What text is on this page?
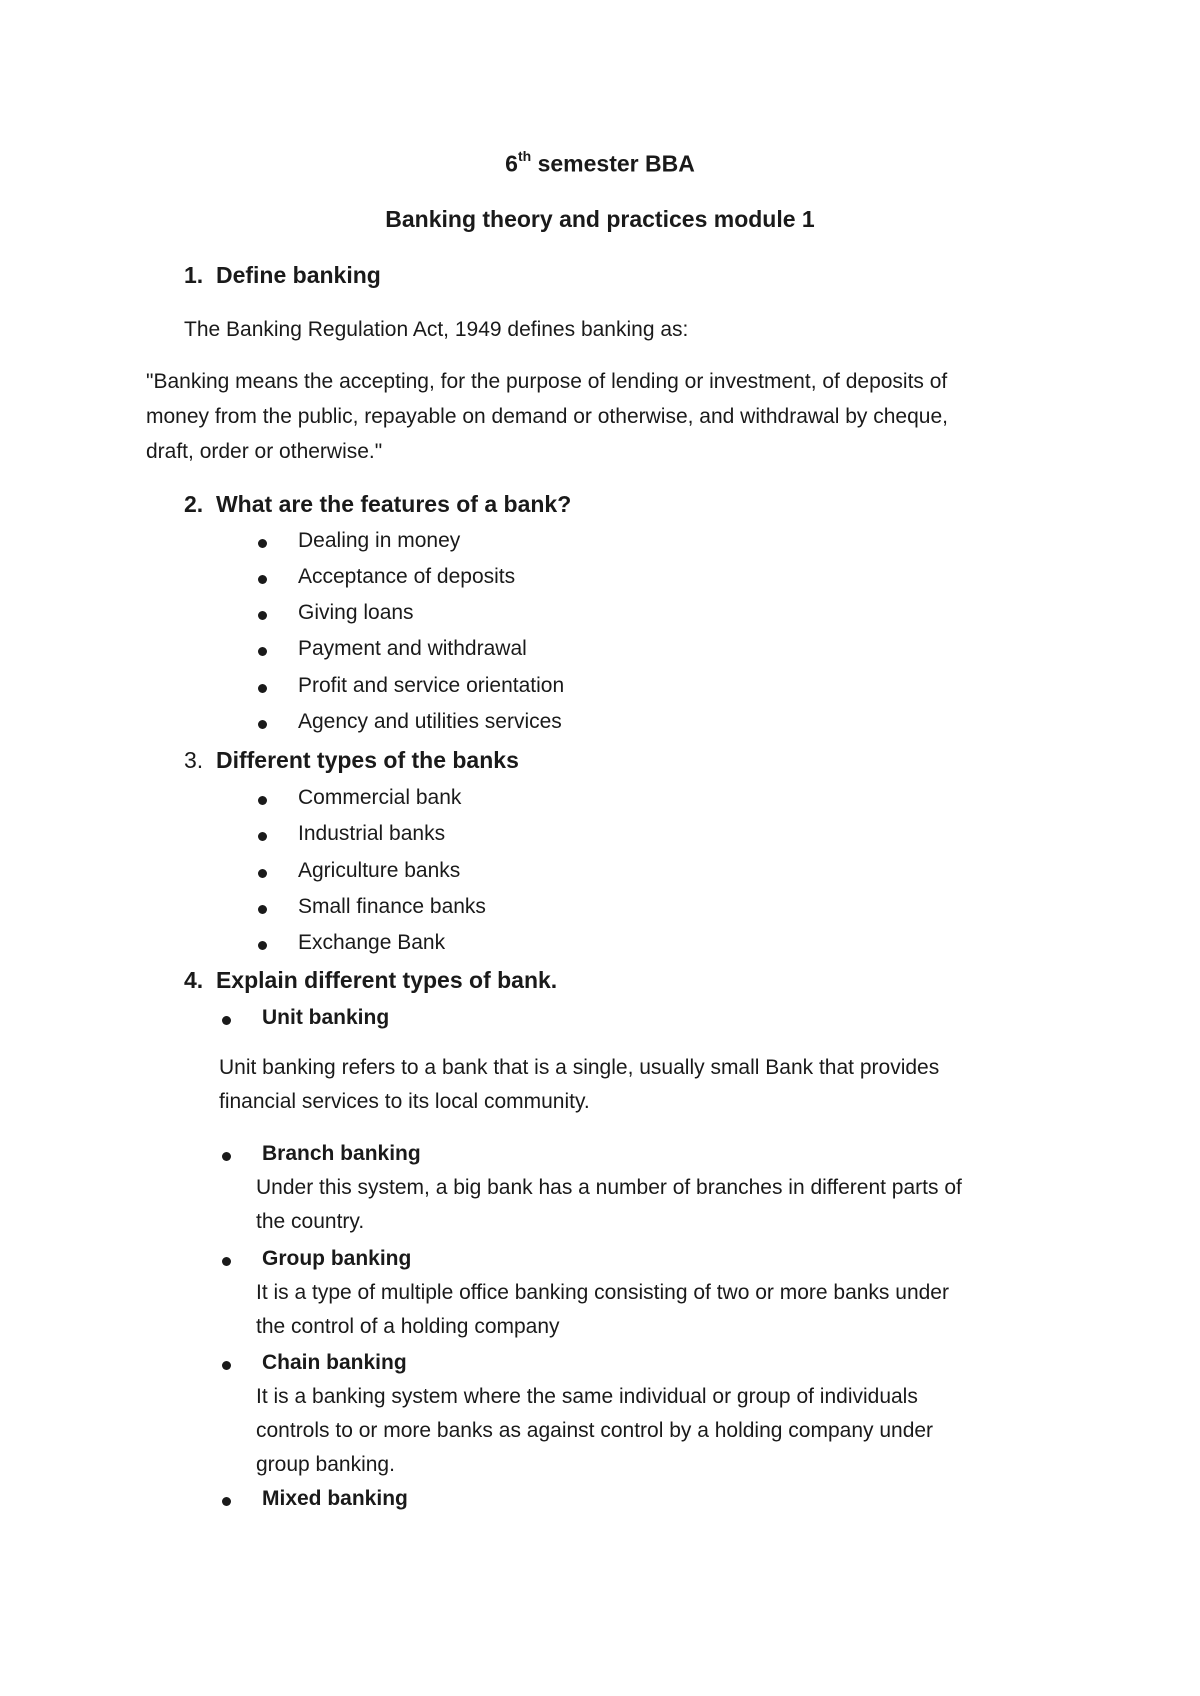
6th semester BBA
Banking theory and practices module 1
1. Define banking
The Banking Regulation Act, 1949 defines banking as:
"Banking means the accepting, for the purpose of lending or investment, of deposits of
money from the public, repayable on demand or otherwise, and withdrawal by cheque,
draft, order or otherwise."
2. What are the features of a bank?
Dealing in money
Acceptance of deposits
Giving loans
Payment and withdrawal
Profit and service orientation
Agency and utilities services
3. Different types of the banks
Commercial bank
Industrial banks
Agriculture banks
Small finance banks
Exchange Bank
4. Explain different types of bank.
Unit banking
Unit banking refers to a bank that is a single, usually small Bank that provides
financial services to its local community.
Branch banking
Under this system, a big bank has a number of branches in different parts of
the country.
Group banking
It is a type of multiple office banking consisting of two or more banks under
the control of a holding company
Chain banking
It is a banking system where the same individual or group of individuals
controls to or more banks as against control by a holding company under
group banking.
Mixed banking
